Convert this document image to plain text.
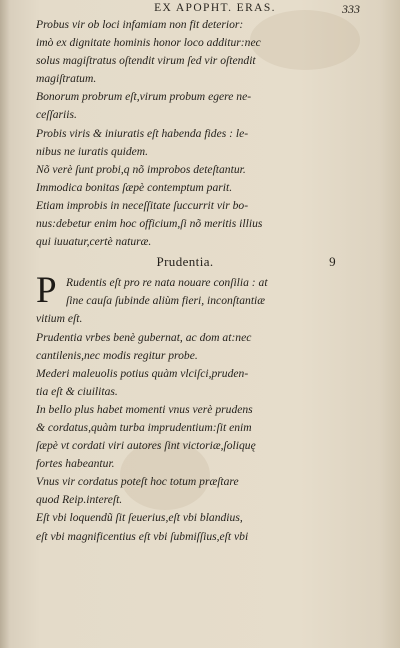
EX APOPHT. ERAS.	333
Probus vir ob loci infamiam non fit deterior:
imò ex dignitate hominis honor loco additur:nec
solus magiſtratus oſtendit virum ſed vir oſtendit
magiſtratum.
Bonorum probrum eſt,virum probum egere ne-
ceſſariis.
Probis viris & iniuratis eſt habenda fides : le-
nibus ne iuratis quidem.
Nõ verè ſunt probi,q nõ improbos deteſtantur.
Immodica bonitas ſæpè contemptum parit.
Etiam improbis in neceſſitate ſuccurrit vir bo-
nus:debetur enim hoc officium,ſi nõ meritis illius
qui iuuatur,certè naturæ.
Prudentia.	9
P Rudentis eſt pro re nata nouare conſilia : at
ſine cauſa ſubinde aliùm fieri, inconſtantiæ
vitium eſt.
Prudentia vrbes benè gubernat, ac dom at:nec
cantilenis,nec modis regitur probe.
Mederi maleuolis potius quàm vlciſci,pruden-
tia eſt & ciuilitas.
In bello plus habet momenti vnus verè prudens
& cordatus,quàm turba imprudentium:ſit enim
ſæpè vt cordati viri autores ſint victoriæ,ſoliquę
fortes habeantur.
Vnus vir cordatus poteſt hoc totum præſtare
quod Reip.intereſt.
Eſt vbi loquendũ ſit ſeuerius,eſt vbi blandius,
eſt vbi magnificentius eſt vbi ſubmiſſius,eſt vbi
